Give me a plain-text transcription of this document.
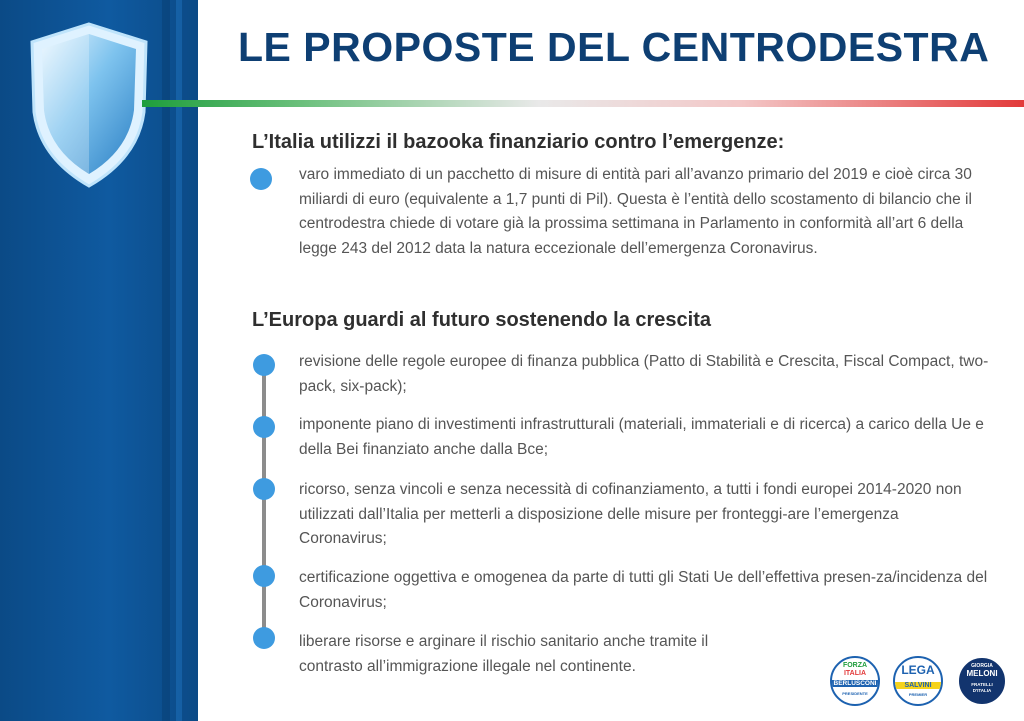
LE PROPOSTE DEL CENTRODESTRA
L’Italia utilizzi il bazooka finanziario contro l’emergenze:
varo immediato di un pacchetto di misure di entità pari all’avanzo primario del 2019 e cioè circa 30 miliardi di euro (equivalente a 1,7 punti di Pil). Questa è l’entità dello scostamento di bilancio che il centrodestra chiede di votare già la prossima settimana in Parlamento in conformità all’art 6 della legge 243 del 2012 data la natura eccezionale dell’emergenza Coronavirus.
L’Europa guardi al futuro sostenendo la crescita
revisione delle regole europee di finanza pubblica (Patto di Stabilità e Crescita, Fiscal Compact, two-pack, six-pack);
imponente piano di investimenti infrastrutturali (materiali, immateriali e di ricerca) a carico della Ue e della Bei finanziato anche dalla Bce;
ricorso, senza vincoli e senza necessità di cofinanziamento, a tutti i fondi europei 2014-2020 non utilizzati dall’Italia per metterli a disposizione delle misure per fronteggi-are l’emergenza Coronavirus;
certificazione oggettiva e omogenea da parte di tutti gli Stati Ue dell’effettiva presen-za/incidenza del Coronavirus;
liberare risorse e arginare il rischio sanitario anche tramite il contrasto all’immigrazione illegale nel continente.	FORZA
ITALIA
BERLUSCONI
PRESIDENTE
LEGA
SALVINI
PREMIER
GIORGIA
MELONI
FRATELLI
D'ITALIA
